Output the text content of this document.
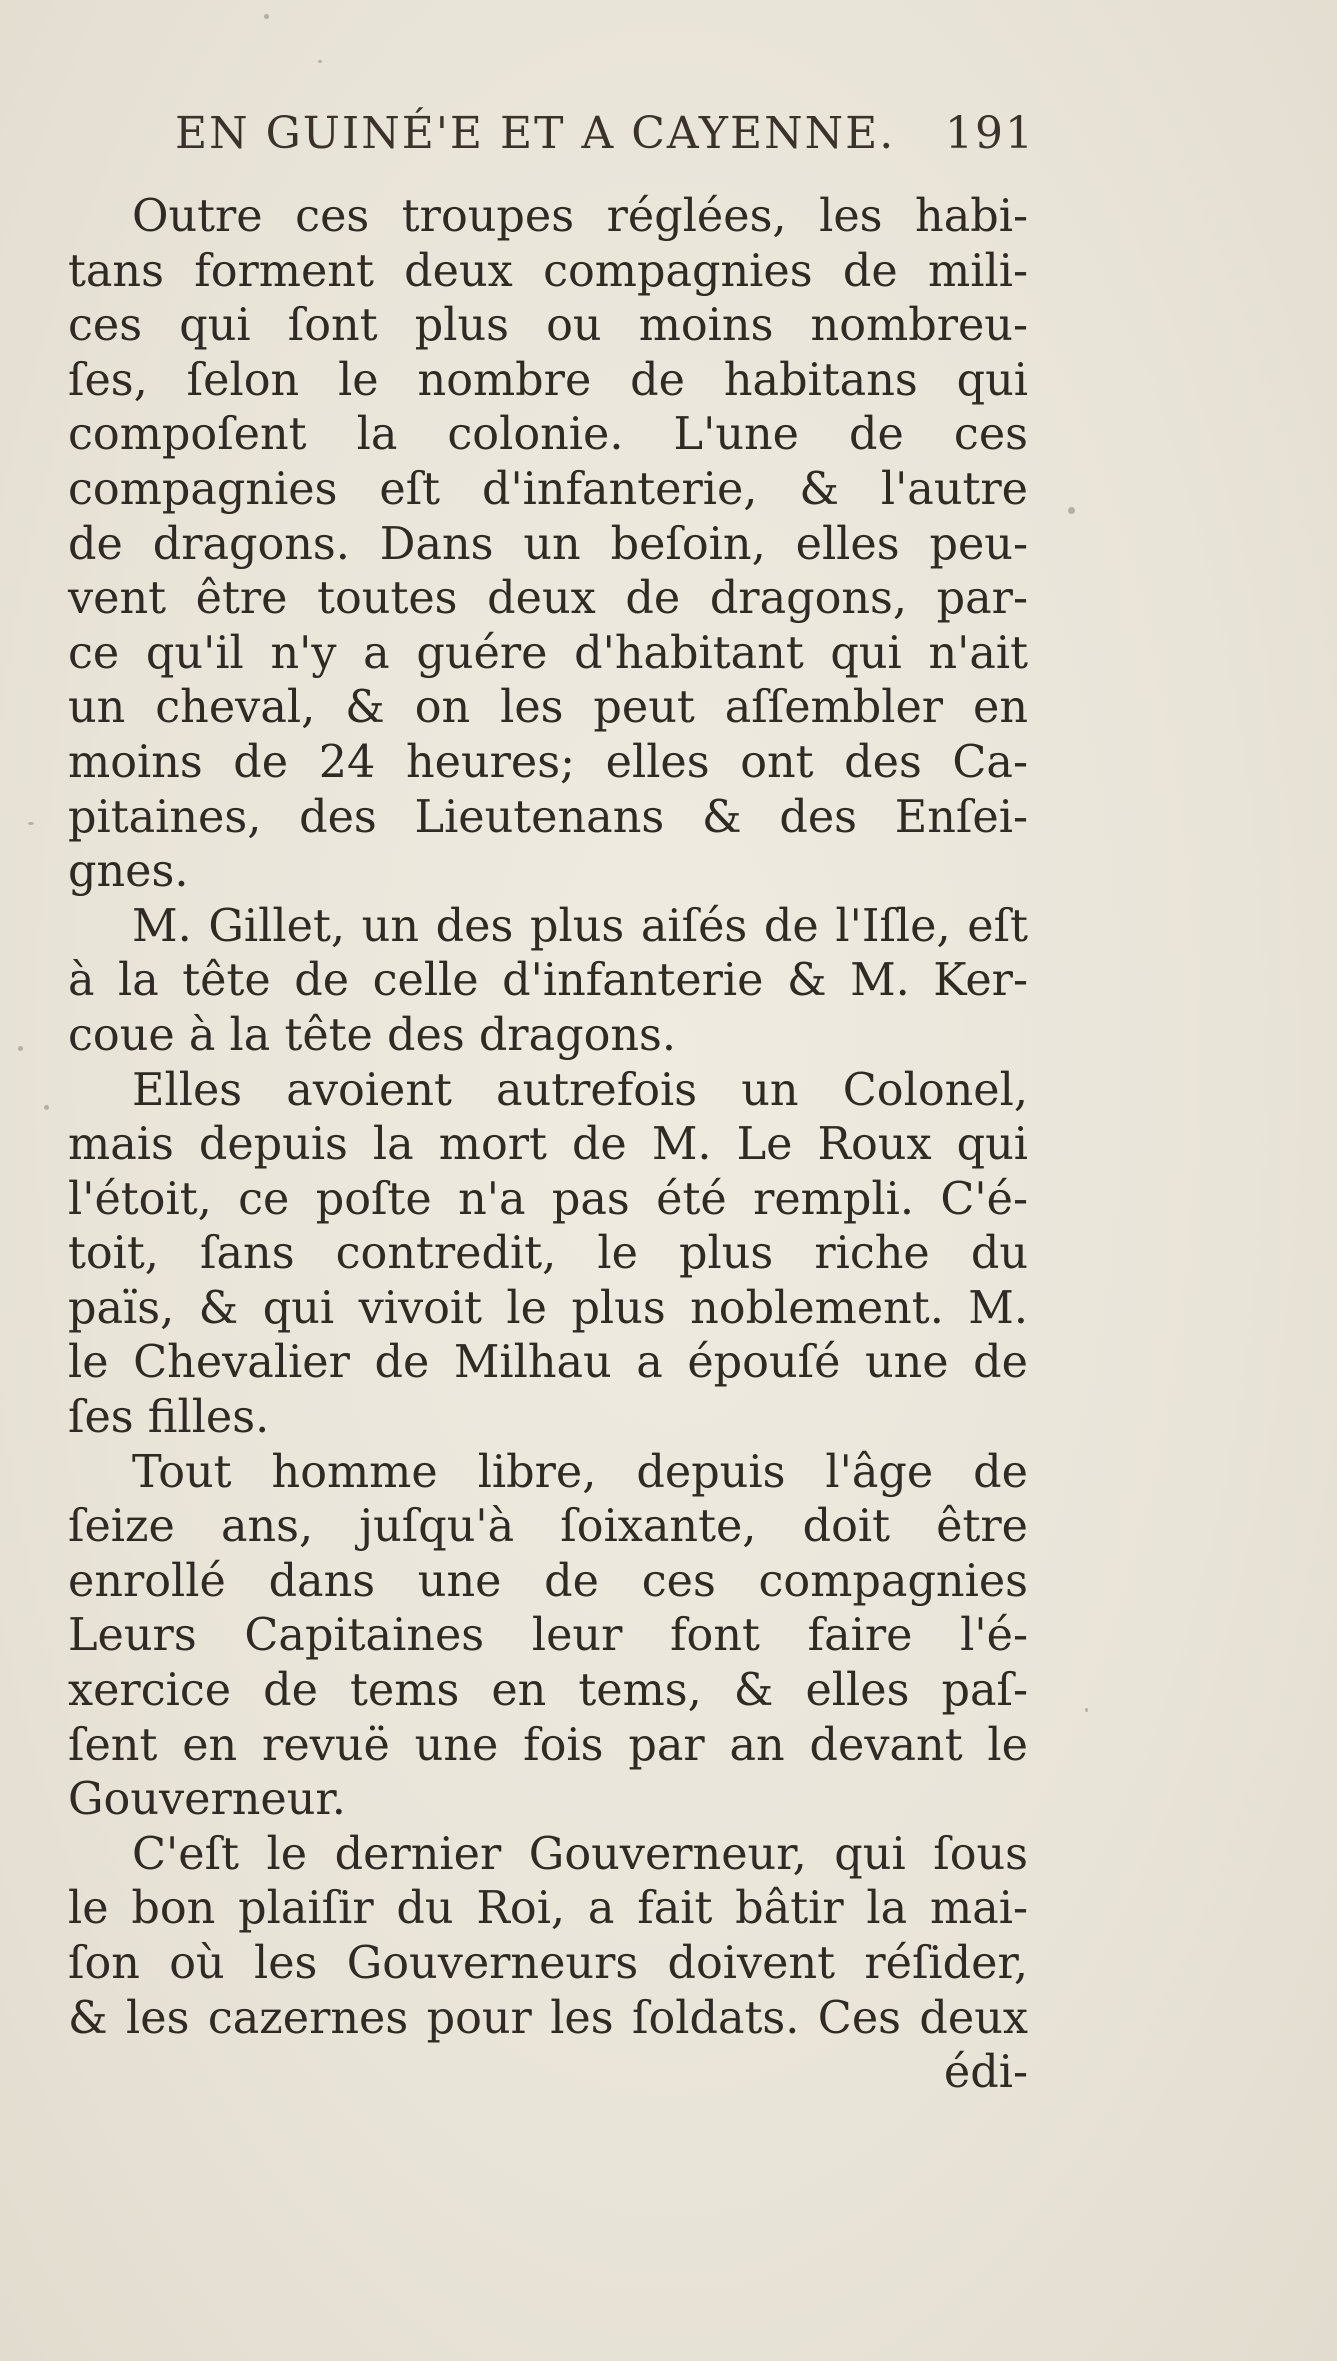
EN GUINÉ'E ET A CAYENNE. 191
Outre ces troupes réglées, les habi-
tans forment deux compagnies de mili-
ces qui ſont plus ou moins nombreu-
ſes, ſelon le nombre de habitans qui
compoſent la colonie. L'une de ces
compagnies eſt d'infanterie, & l'autre
de dragons. Dans un beſoin, elles peu-
vent être toutes deux de dragons, par-
ce qu'il n'y a guére d'habitant qui n'ait
un cheval, & on les peut aſſembler en
moins de 24 heures; elles ont des Ca-
pitaines, des Lieutenans & des Enſei-
gnes.
M. Gillet, un des plus aiſés de l'Iſle, eſt
à la tête de celle d'infanterie & M. Ker-
coue à la tête des dragons.
Elles avoient autrefois un Colonel,
mais depuis la mort de M. Le Roux qui
l'étoit, ce poſte n'a pas été rempli. C'é-
toit, ſans contredit, le plus riche du
païs, & qui vivoit le plus noblement. M.
le Chevalier de Milhau a épouſé une de
ſes filles.
Tout homme libre, depuis l'âge de
ſeize ans, juſqu'à ſoixante, doit être
enrollé dans une de ces compagnies
Leurs Capitaines leur font faire l'é-
xercice de tems en tems, & elles paſ-
ſent en revuë une fois par an devant le
Gouverneur.
C'eſt le dernier Gouverneur, qui ſous
le bon plaiſir du Roi, a fait bâtir la mai-
ſon où les Gouverneurs doivent réſider,
& les cazernes pour les ſoldats. Ces deux
édi-
